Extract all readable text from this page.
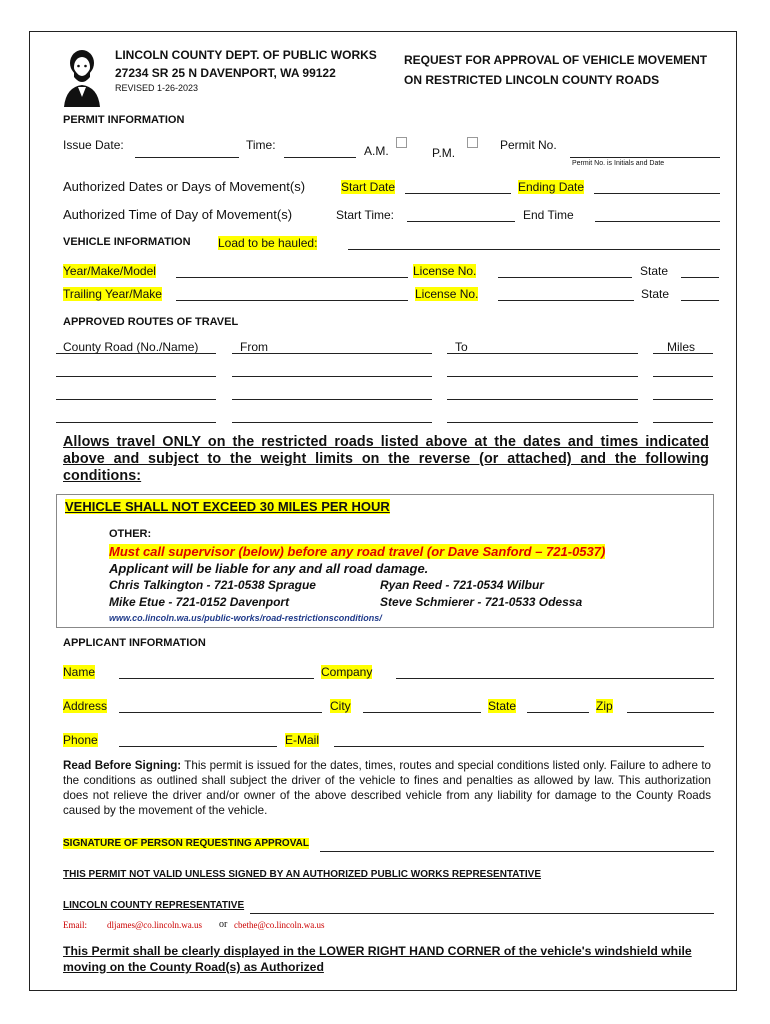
LINCOLN COUNTY DEPT. OF PUBLIC WORKS
27234 SR 25 N DAVENPORT, WA 99122
REVISED 1-26-2023
REQUEST FOR APPROVAL OF VEHICLE MOVEMENT
ON RESTRICTED LINCOLN COUNTY ROADS
PERMIT INFORMATION
Issue Date:	Time:	A.M.	P.M.
Permit No.
Permit No. is Initials and Date
Authorized Dates or Days of Movement(s)	Start Date	Ending Date
Authorized Time of Day of Movement(s)	Start Time:	End Time
VEHICLE INFORMATION Load to be hauled:
Year/Make/Model	License No.	State
Trailing Year/Make	License No.	State
APPROVED ROUTES OF TRAVEL
County Road (No./Name)	From	To	Miles
Allows travel ONLY on the restricted roads listed above at the dates and times indicated above and subject to the weight limits on the reverse (or attached) and the following conditions:
VEHICLE SHALL NOT EXCEED 30 MILES PER HOUR
OTHER:
Must call supervisor (below) before any road travel (or Dave Sanford – 721-0537)
Applicant will be liable for any and all road damage.
Chris Talkington - 721-0538 Sprague	Ryan Reed - 721-0534 Wilbur
Mike Etue - 721-0152 Davenport	Steve Schmierer - 721-0533 Odessa
www.co.lincoln.wa.us/public-works/road-restrictionsconditions/
APPLICANT INFORMATION
Name	Company
Address	City	State	Zip
Phone	E-Mail
Read Before Signing: This permit is issued for the dates, times, routes and special conditions listed only. Failure to adhere to the conditions as outlined shall subject the driver of the vehicle to fines and penalties as allowed by law. This authorization does not relieve the driver and/or owner of the above described vehicle from any liability for damage to the County Roads caused by the movement of the vehicle.
SIGNATURE OF PERSON REQUESTING APPROVAL
THIS PERMIT NOT VALID UNLESS SIGNED BY AN AUTHORIZED PUBLIC WORKS REPRESENTATIVE
LINCOLN COUNTY REPRESENTATIVE
Email: dljames@co.lincoln.wa.us or cbethe@co.lincoln.wa.us
This Permit shall be clearly displayed in the LOWER RIGHT HAND CORNER of the vehicle's windshield while moving on the County Road(s) as Authorized
